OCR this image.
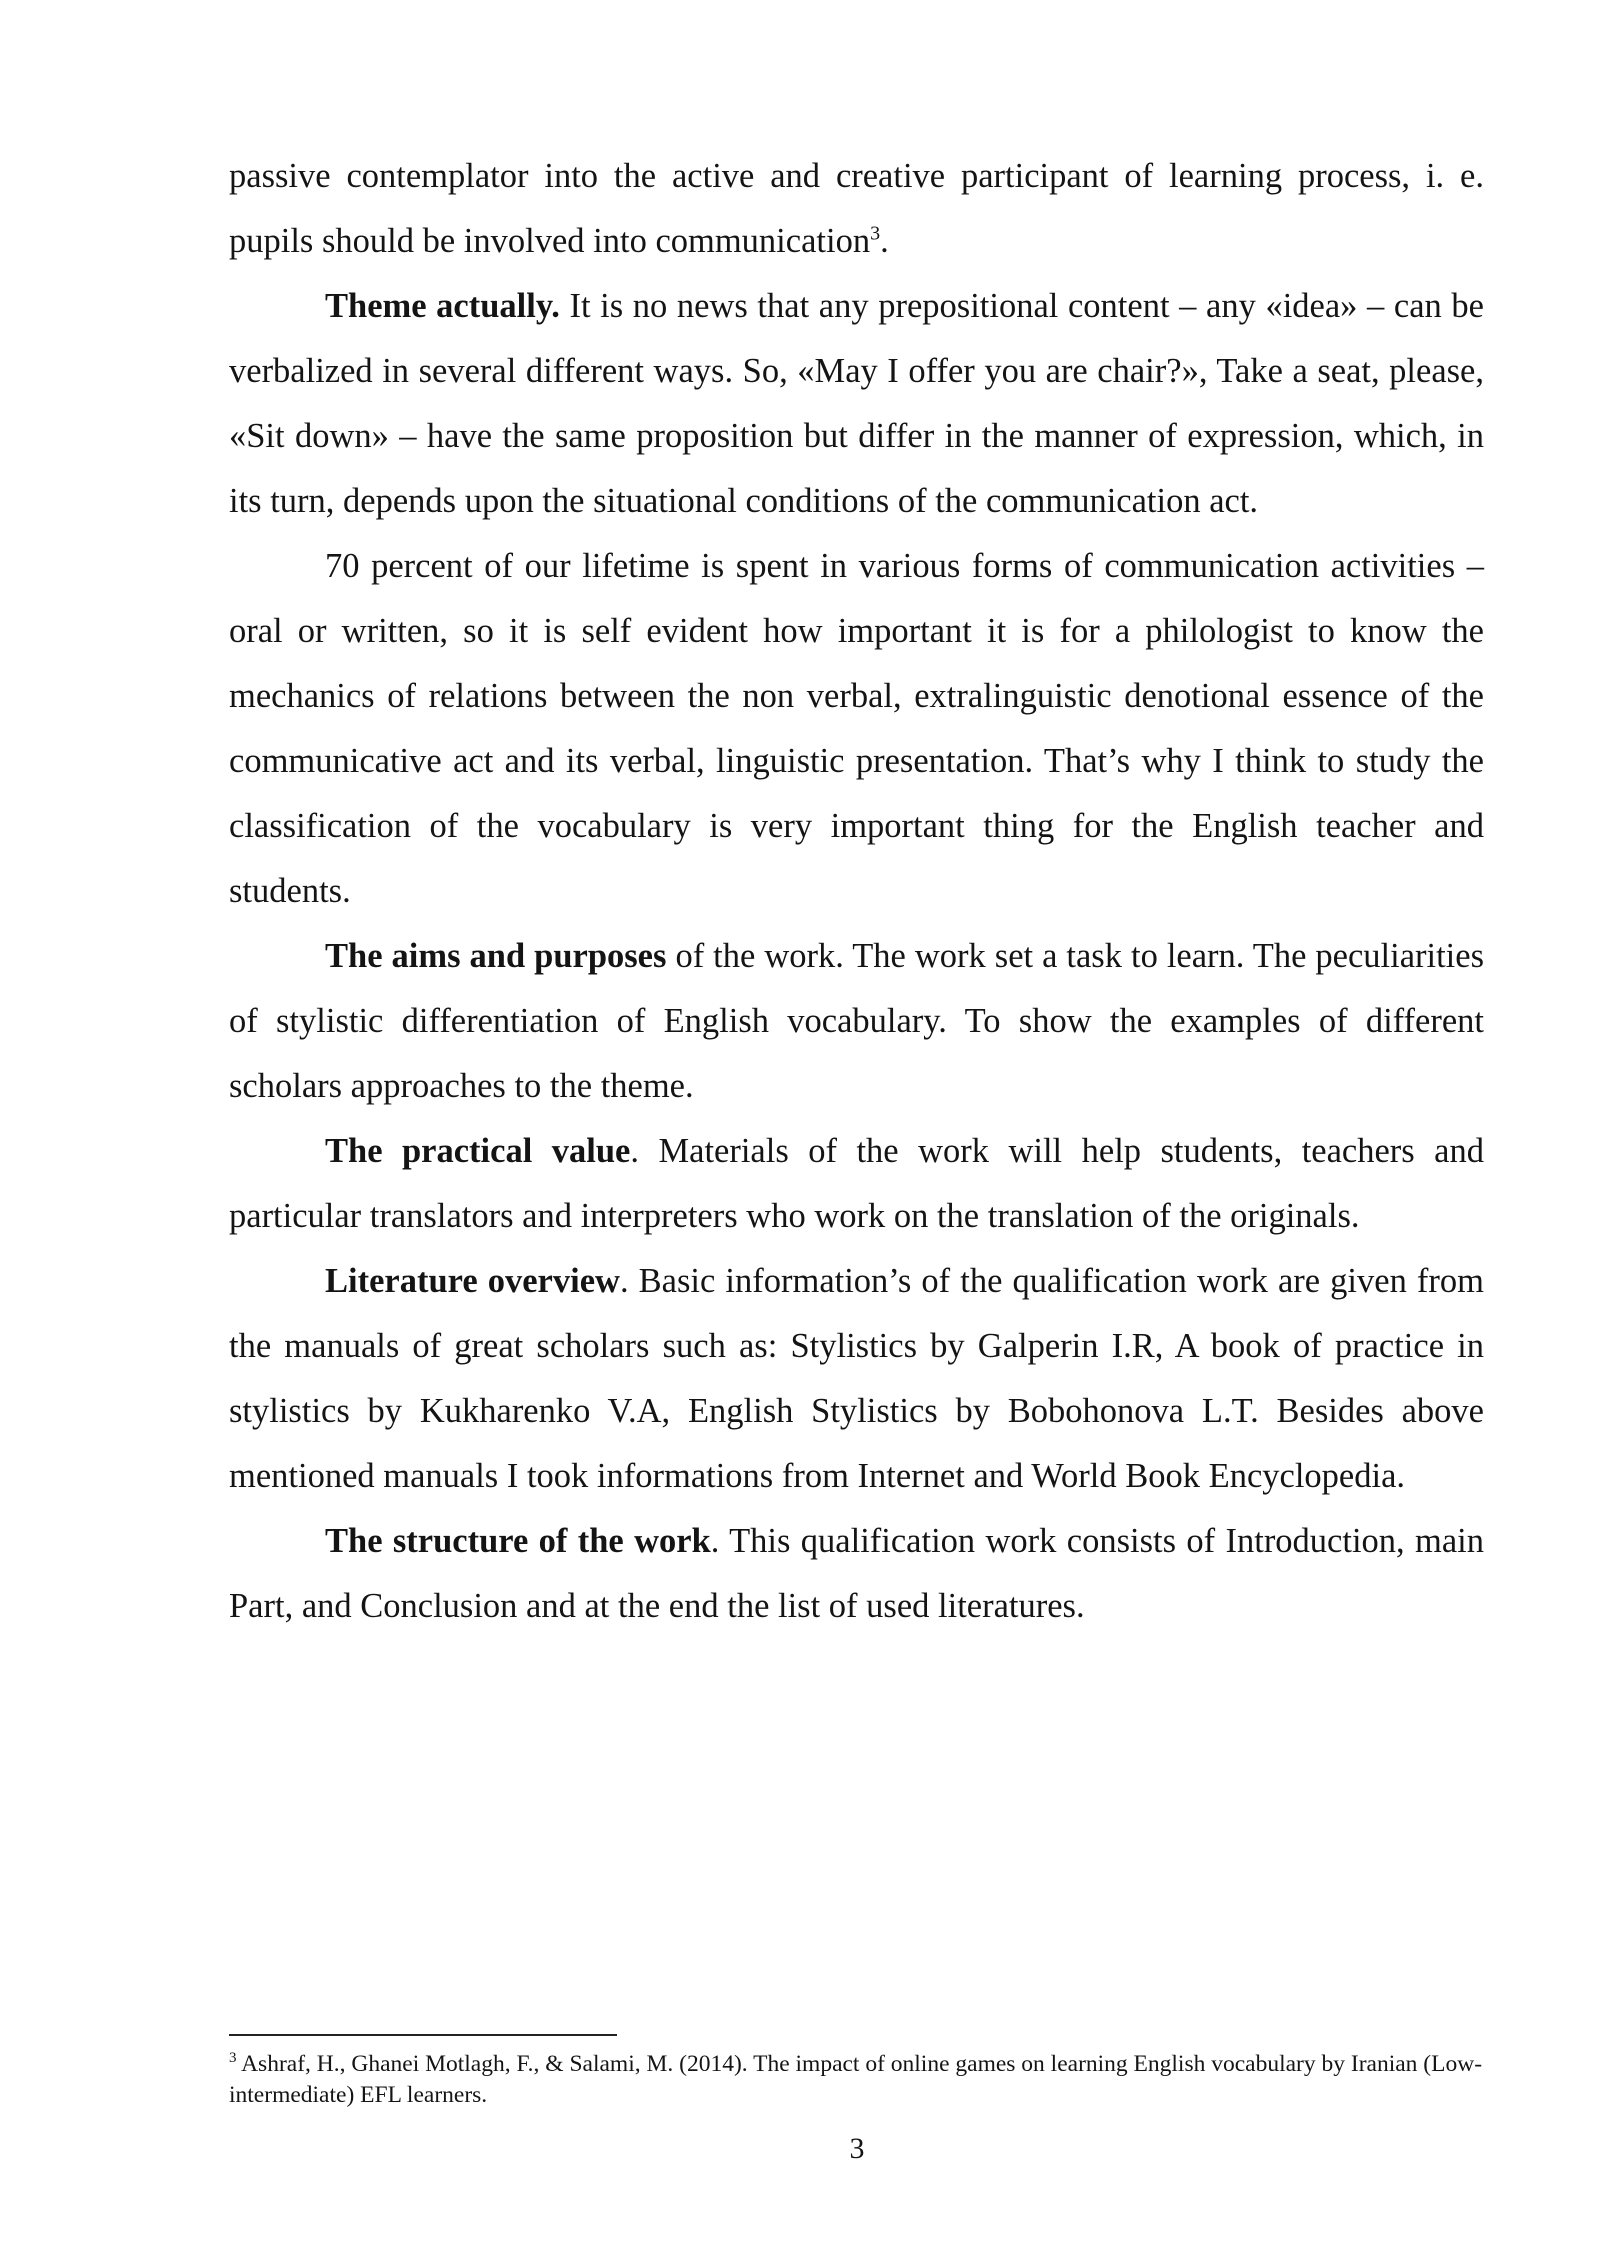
passive contemplator into the active and creative participant of learning process, i. e. pupils should be involved into communication$^3$.

Theme actually. It is no news that any prepositional content – any «idea» – can be verbalized in several different ways. So, «May I offer you are chair?», Take a seat, please, «Sit down» – have the same proposition but differ in the manner of expression, which, in its turn, depends upon the situational conditions of the communication act.

70 percent of our lifetime is spent in various forms of communication activities – oral or written, so it is self evident how important it is for a philologist to know the mechanics of relations between the non verbal, extralinguistic denotional essence of the communicative act and its verbal, linguistic presentation. That’s why I think to study the classification of the vocabulary is very important thing for the English teacher and students.

The aims and purposes of the work. The work set a task to learn. The peculiarities of stylistic differentiation of English vocabulary. To show the examples of different scholars approaches to the theme.

The practical value. Materials of the work will help students, teachers and particular translators and interpreters who work on the translation of the originals.

Literature overview. Basic information’s of the qualification work are given from the manuals of great scholars such as: Stylistics by Galperin I.R, A book of practice in stylistics by Kukharenko V.A, English Stylistics by Bobohonova L.T. Besides above mentioned manuals I took informations from Internet and World Book Encyclopedia.

The structure of the work. This qualification work consists of Introduction, main Part, and Conclusion and at the end the list of used literatures.

$^3$ Ashraf, H., Ghanei Motlagh, F., & Salami, M. (2014). The impact of online games on learning English vocabulary by Iranian (Low- intermediate) EFL learners.
3
